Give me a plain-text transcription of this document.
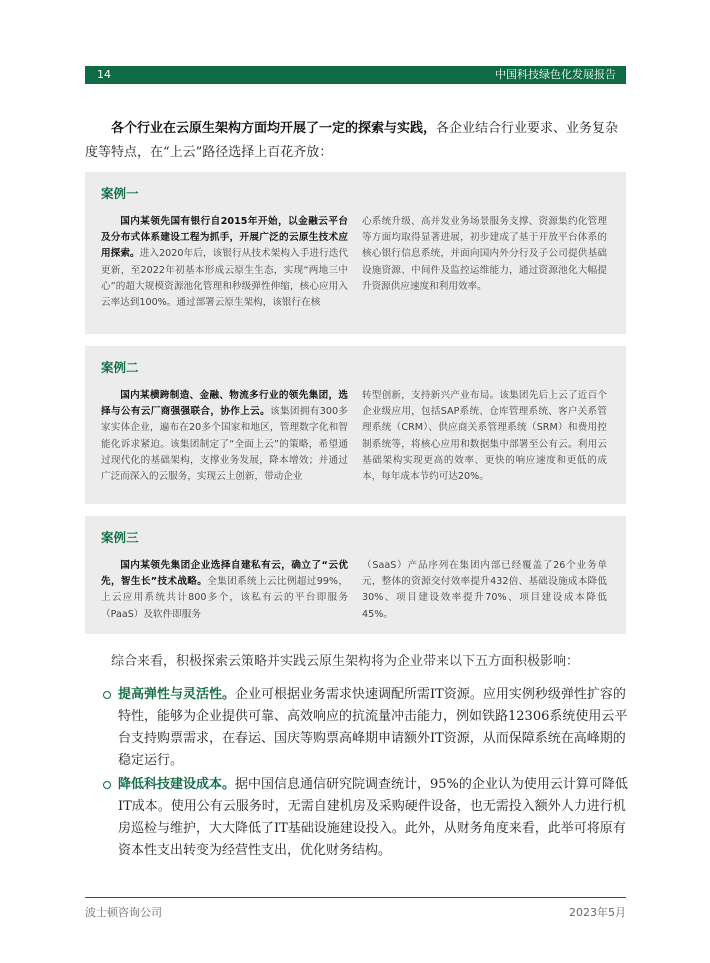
14	中国科技绿色化发展报告

各个行业在云原生架构方面均开展了一定的探索与实践，各企业结合行业要求、业务复杂度等特点，在“上云”路径选择上百花齐放：

案例一

国内某领先国有银行自2015年开始，以金融云平台及分布式体系建设工程为抓手，开展广泛的云原生技术应用探索。进入2020年后，该银行从技术架构入手进行迭代更新，至2022年初基本形成云原生生态，实现“两地三中心”的超大规模资源池化管理和秒级弹性伸缩，核心应用入云率达到100%。通过部署云原生架构，该银行在核

心系统升级、高并发业务场景服务支撑、资源集约化管理等方面均取得显著进展，初步建成了基于开放平台体系的核心银行信息系统，并面向国内外分行及子公司提供基础设施资源、中间件及监控运维能力，通过资源池化大幅提升资源供应速度和利用效率。

案例二

国内某横跨制造、金融、物流多行业的领先集团，选择与公有云厂商强强联合，协作上云。该集团拥有300多家实体企业，遍布在20多个国家和地区，管理数字化和智能化诉求紧迫。该集团制定了“全面上云”的策略，希望通过现代化的基础架构，支撑业务发展，降本增效；并通过广泛而深入的云服务，实现云上创新，带动企业

转型创新，支持新兴产业布局。该集团先后上云了近百个企业级应用，包括SAP系统、仓库管理系统、客户关系管理系统（CRM）、供应商关系管理系统（SRM）和费用控制系统等，将核心应用和数据集中部署至公有云。利用云基础架构实现更高的效率、更快的响应速度和更低的成本，每年成本节约可达20%。

案例三

国内某领先集团企业选择自建私有云，确立了“云优先，智生长”技术战略。全集团系统上云比例超过99%，上云应用系统共计800多个，该私有云的平台即服务（PaaS）及软件即服务

（SaaS）产品序列在集团内部已经覆盖了26个业务单元，整体的资源交付效率提升432倍、基础设施成本降低30%、项目建设效率提升70%、项目建设成本降低45%。

综合来看，积极探索云策略并实践云原生架构将为企业带来以下五方面积极影响：

提高弹性与灵活性。企业可根据业务需求快速调配所需IT资源。应用实例秒级弹性扩容的特性，能够为企业提供可靠、高效响应的抗流量冲击能力，例如铁路12306系统使用云平台支持购票需求，在春运、国庆等购票高峰期申请额外IT资源，从而保障系统在高峰期的稳定运行。

降低科技建设成本。据中国信息通信研究院调查统计，95%的企业认为使用云计算可降低IT成本。使用公有云服务时，无需自建机房及采购硬件设备，也无需投入额外人力进行机房巡检与维护，大大降低了IT基础设施建设投入。此外，从财务角度来看，此举可将原有资本性支出转变为经营性支出，优化财务结构。

波士顿咨询公司	2023年5月
